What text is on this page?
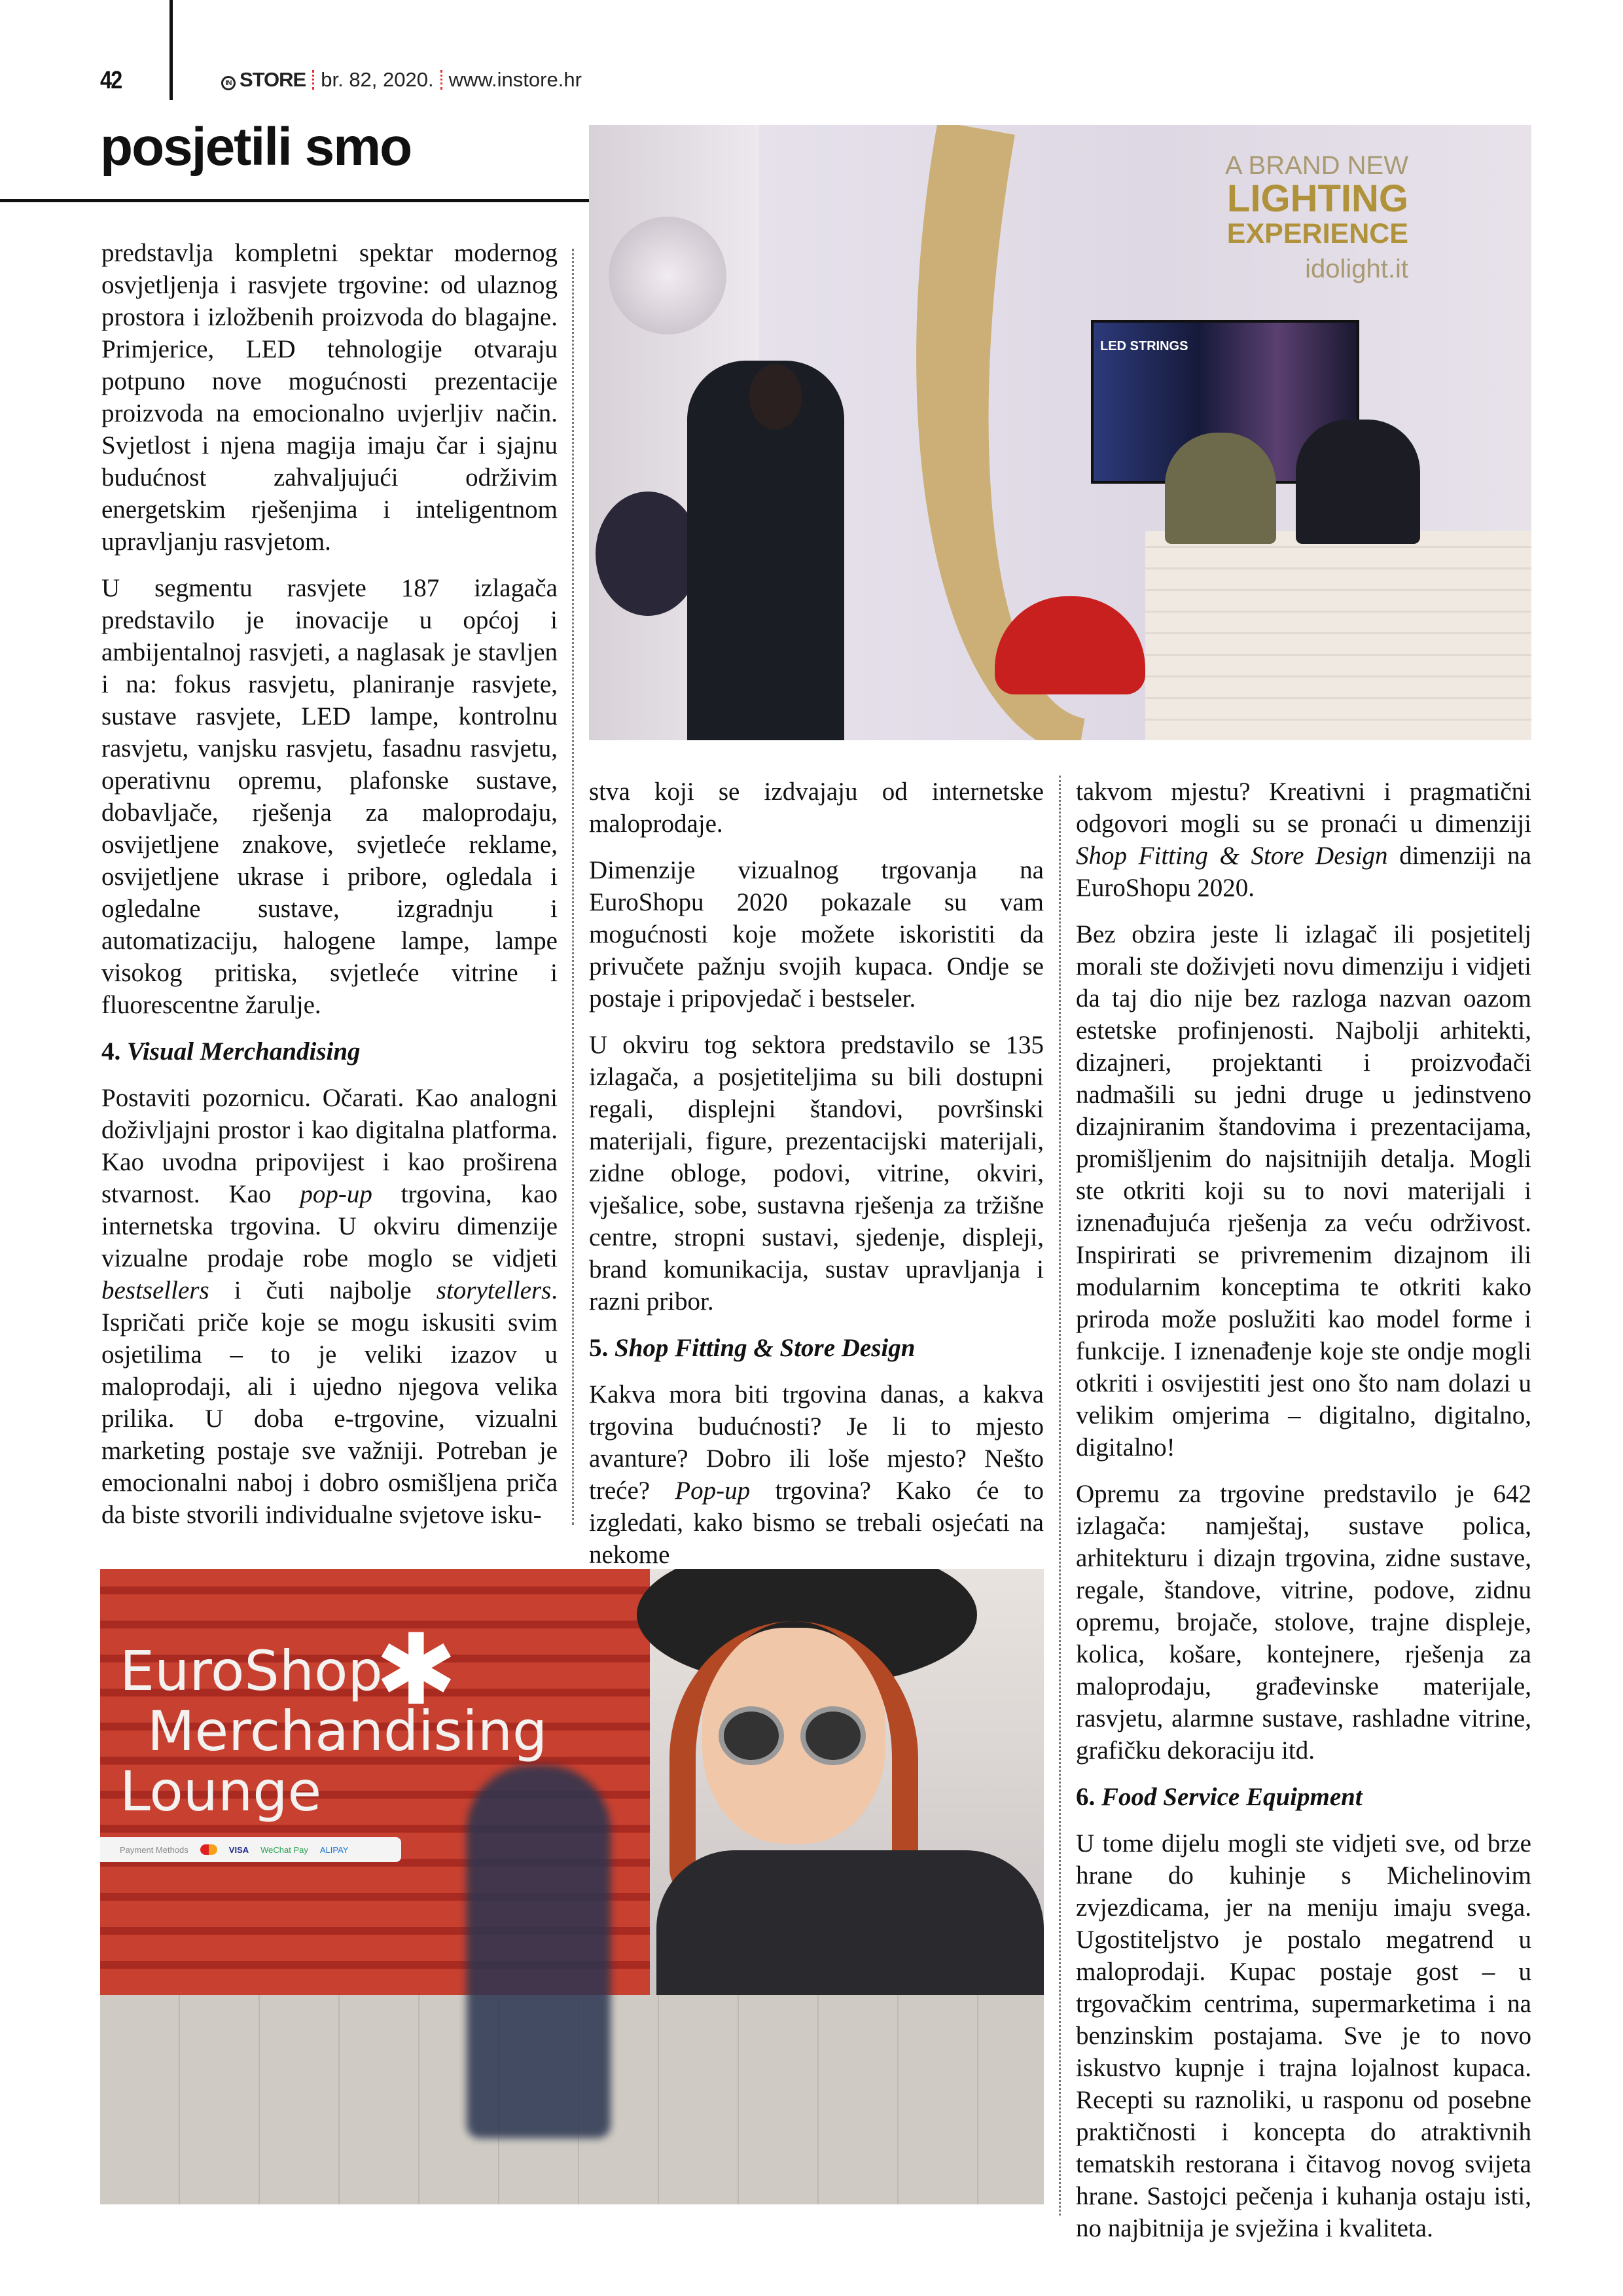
42	IN STORE br. 82, 2020. www.instore.hr
posjetili smo	A BRAND NEW
LIGHTING
EXPERIENCE
idolight.it
LED STRINGS

predstavlja kompletni spektar modernog osvjetljenja i rasvjete trgovine: od ulaznog prostora i izložbenih proizvoda do blagajne. Primjerice, LED tehnologije otvaraju potpuno nove mogućnosti prezentacije proizvoda na emocionalno uvjerljiv način. Svjetlost i njena magija imaju čar i sjajnu budućnost zahvaljujući održivim energetskim rješenjima i inteligentnom upravljanju rasvjetom.

U segmentu rasvjete 187 izlagača predstavilo je inovacije u općoj i ambijentalnoj rasvjeti, a naglasak je stavljen i na: fokus rasvjetu, planiranje rasvjete, sustave rasvjete, LED lampe, kontrolnu rasvjetu, vanjsku rasvjetu, fasadnu rasvjetu, operativnu opremu, plafonske sustave, dobavljače, rješenja za maloprodaju, osvijetljene znakove, svjetleće reklame, osvijetljene ukrase i pribore, ogledala i ogledalne sustave, izgradnju i automatizaciju, halogene lampe, lampe visokog pritiska, svjetleće vitrine i fluorescentne žarulje.

4. Visual Merchandising

Postaviti pozornicu. Očarati. Kao analogni doživljajni prostor i kao digitalna platforma. Kao uvodna pripovijest i kao proširena stvarnost. Kao pop-up trgovina, kao internetska trgovina. U okviru dimenzije vizualne prodaje robe moglo se vidjeti bestsellers i čuti najbolje storytellers. Ispričati priče koje se mogu iskusiti svim osjetilima – to je veliki izazov u maloprodaji, ali i ujedno njegova velika prilika. U doba e-trgovine, vizualni marketing postaje sve važniji. Potreban je emocionalni naboj i dobro osmišljena priča da biste stvorili individualne svjetove isku-

stva koji se izdvajaju od internetske maloprodaje.

Dimenzije vizualnog trgovanja na EuroShopu 2020 pokazale su vam mogućnosti koje možete iskoristiti da privučete pažnju svojih kupaca. Ondje se postaje i pripovjedač i bestseler.

U okviru tog sektora predstavilo se 135 izlagača, a posjetiteljima su bili dostupni regali, displejni štandovi, površinski materijali, figure, prezentacijski materijali, zidne obloge, podovi, vitrine, okviri, vješalice, sobe, sustavna rješenja za tržišne centre, stropni sustavi, sjedenje, displeji, brand komunikacija, sustav upravljanja i razni pribor.

5. Shop Fitting & Store Design

Kakva mora biti trgovina danas, a kakva trgovina budućnosti? Je li to mjesto avanture? Dobro ili loše mjesto? Nešto treće? Pop-up trgovina? Kako će to izgledati, kako bismo se trebali osjećati na nekome

takvom mjestu? Kreativni i pragmatični odgovori mogli su se pronaći u dimenziji Shop Fitting & Store Design dimenziji na EuroShopu 2020.

Bez obzira jeste li izlagač ili posjetitelj morali ste doživjeti novu dimenziju i vidjeti da taj dio nije bez razloga nazvan oazom estetske profinjenosti. Najbolji arhitekti, dizajneri, projektanti i proizvođači nadmašili su jedni druge u jedinstveno dizajniranim štandovima i prezentacijama, promišljenim do najsitnijih detalja. Mogli ste otkriti koji su to novi materijali i iznenađujuća rješenja za veću održivost. Inspirirati se privremenim dizajnom ili modularnim konceptima te otkriti kako priroda može poslužiti kao model forme i funkcije. I iznenađenje koje ste ondje mogli otkriti i osvijestiti jest ono što nam dolazi u velikim omjerima – digitalno, digitalno, digitalno!

Opremu za trgovine predstavilo je 642 izlagača: namještaj, sustave polica, arhitekturu i dizajn trgovina, zidne sustave, regale, štandove, vitrine, podove, zidnu opremu, brojače, stolove, trajne displeje, kolica, košare, kontejnere, rješenja za maloprodaju, građevinske materijale, rasvjetu, alarmne sustave, rashladne vitrine, grafičku dekoraciju itd.

6. Food Service Equipment

U tome dijelu mogli ste vidjeti sve, od brze hrane do kuhinje s Michelinovim zvjezdicama, jer na meniju imaju svega. Ugostiteljstvo je postalo megatrend u maloprodaji. Kupac postaje gost – u trgovačkim centrima, supermarketima i na benzinskim postajama. Sve je to novo iskustvo kupnje i trajna lojalnost kupaca. Recepti su raznoliki, u rasponu od posebne praktičnosti i koncepta do atraktivnih tematskih restorana i čitavog novog svijeta hrane. Sastojci pečenja i kuhanja ostaju isti, no najbitnija je svježina i kvaliteta.

EuroShop
Merchandising
Lounge
✱
Payment Methods	VISA WeChat Pay ALIPAY
